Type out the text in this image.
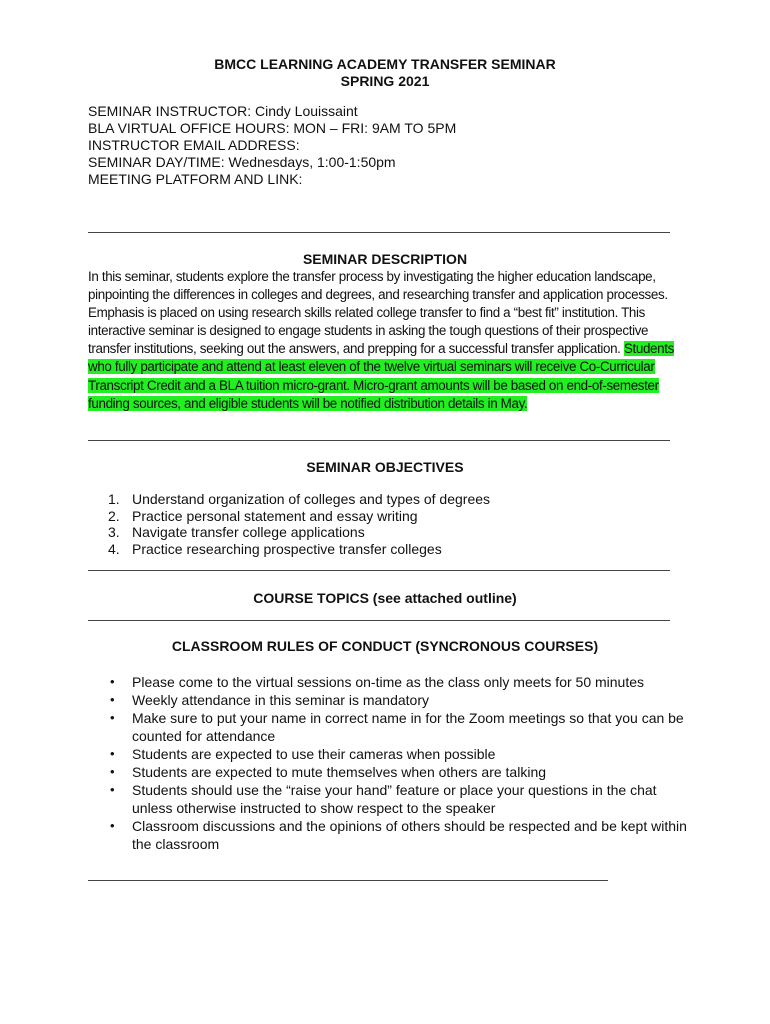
BMCC LEARNING ACADEMY TRANSFER SEMINAR
SPRING 2021
SEMINAR INSTRUCTOR: Cindy Louissaint
BLA VIRTUAL OFFICE HOURS: MON – FRI: 9AM TO 5PM
INSTRUCTOR EMAIL ADDRESS:
SEMINAR DAY/TIME: Wednesdays, 1:00-1:50pm
MEETING PLATFORM AND LINK:
SEMINAR DESCRIPTION
In this seminar, students explore the transfer process by investigating the higher education landscape, pinpointing the differences in colleges and degrees, and researching transfer and application processes. Emphasis is placed on using research skills related college transfer to find a “best fit” institution. This interactive seminar is designed to engage students in asking the tough questions of their prospective transfer institutions, seeking out the answers, and prepping for a successful transfer application. Students who fully participate and attend at least eleven of the twelve virtual seminars will receive Co-Curricular Transcript Credit and a BLA tuition micro-grant. Micro-grant amounts will be based on end-of-semester funding sources, and eligible students will be notified distribution details in May.
SEMINAR OBJECTIVES
1. Understand organization of colleges and types of degrees
2. Practice personal statement and essay writing
3. Navigate transfer college applications
4. Practice researching prospective transfer colleges
COURSE TOPICS (see attached outline)
CLASSROOM RULES OF CONDUCT (SYNCRONOUS COURSES)
• Please come to the virtual sessions on-time as the class only meets for 50 minutes
• Weekly attendance in this seminar is mandatory
• Make sure to put your name in correct name in for the Zoom meetings so that you can be counted for attendance
• Students are expected to use their cameras when possible
• Students are expected to mute themselves when others are talking
• Students should use the “raise your hand” feature or place your questions in the chat unless otherwise instructed to show respect to the speaker
• Classroom discussions and the opinions of others should be respected and be kept within the classroom
